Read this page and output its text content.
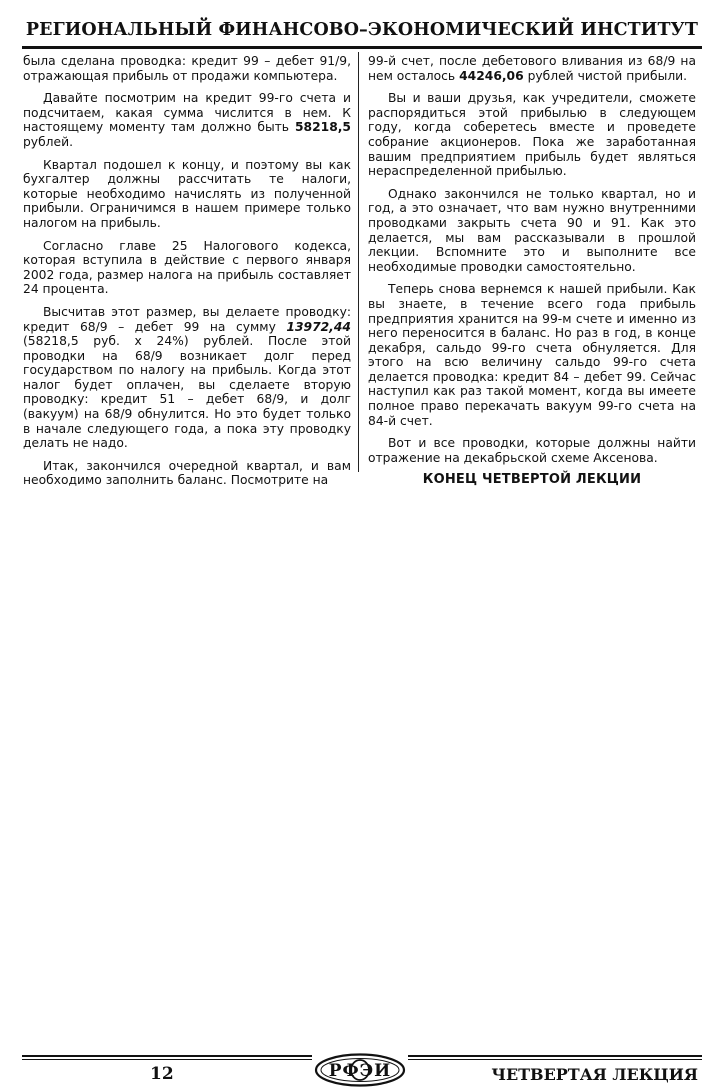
РЕГИОНАЛЬНЫЙ ФИНАНСОВО–ЭКОНОМИЧЕСКИЙ ИНСТИТУТ

была сделана проводка: кредит 99 – дебет 91/9, отражающая прибыль от продажи компьютера.

Давайте посмотрим на кредит 99-го счета и подсчитаем, какая сумма числится в нем. К настоящему моменту там должно быть 58218,5 рублей.

Квартал подошел к концу, и поэтому вы как бухгалтер должны рассчитать те налоги, которые необходимо начислять из полученной прибыли. Ограничимся в нашем примере только налогом на прибыль.

Согласно главе 25 Налогового кодекса, которая вступила в действие с первого января 2002 года, размер налога на прибыль составляет 24 процента.

Высчитав этот размер, вы делаете проводку: кредит 68/9 – дебет 99 на сумму 13972,44 (58218,5 руб. х 24%) рублей. После этой проводки на 68/9 возникает долг перед государством по налогу на прибыль. Когда этот налог будет оплачен, вы сделаете вторую проводку: кредит 51 – дебет 68/9, и долг (вакуум) на 68/9 обнулится. Но это будет только в начале следующего года, а пока эту проводку делать не надо.

Итак, закончился очередной квартал, и вам необходимо заполнить баланс. Посмотрите на

99-й счет, после дебетового вливания из 68/9 на нем осталось 44246,06 рублей чистой прибыли.

Вы и ваши друзья, как учредители, сможете распорядиться этой прибылью в следующем году, когда соберетесь вместе и проведете собрание акционеров. Пока же заработанная вашим предприятием прибыль будет являться нераспределенной прибылью.

Однако закончился не только квартал, но и год, а это означает, что вам нужно внутренними проводками закрыть счета 90 и 91. Как это делается, мы вам рассказывали в прошлой лекции. Вспомните это и выполните все необходимые проводки самостоятельно.

Теперь снова вернемся к нашей прибыли. Как вы знаете, в течение всего года прибыль предприятия хранится на 99-м счете и именно из него переносится в баланс. Но раз в год, в конце декабря, сальдо 99-го счета обнуляется. Для этого на всю величину сальдо 99-го счета делается проводка: кредит 84 – дебет 99. Сейчас наступил как раз такой момент, когда вы имеете полное право перекачать вакуум 99-го счета на 84-й счет.

Вот и все проводки, которые должны найти отражение на декабрьской схеме Аксенова.

КОНЕЦ ЧЕТВЕРТОЙ ЛЕКЦИИ

12	РФЭИ	ЧЕТВЕРТАЯ ЛЕКЦИЯ
